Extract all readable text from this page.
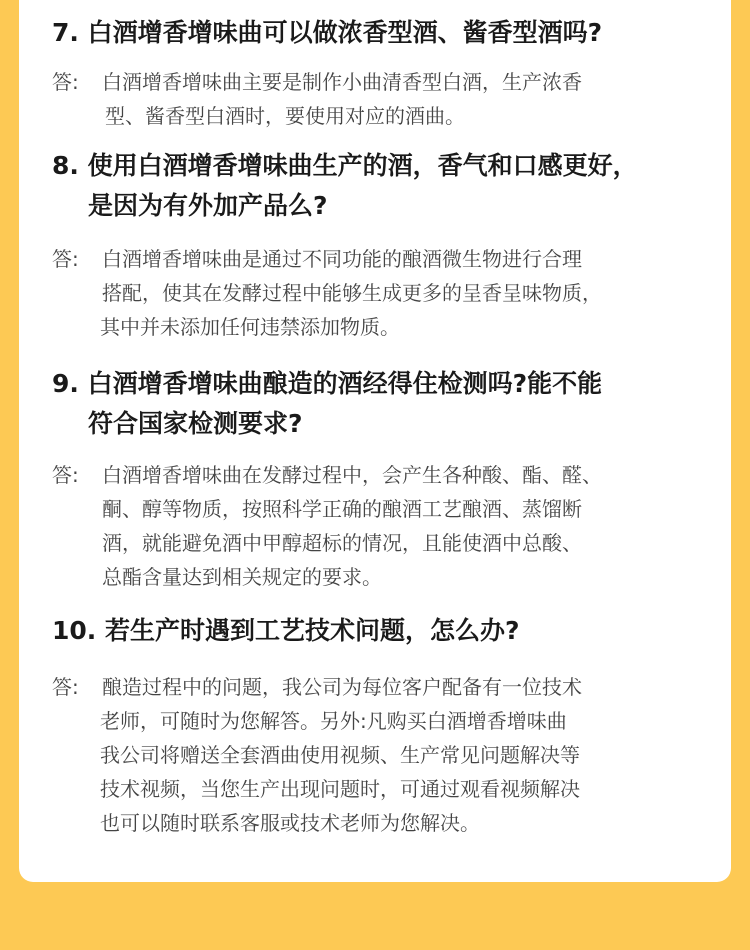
7. 白酒增香增味曲可以做浓香型酒、酱香型酒吗?

答: 白酒增香增味曲主要是制作小曲清香型白酒，生产浓香
型、酱香型白酒时，要使用对应的酒曲。

8. 使用白酒增香增味曲生产的酒，香气和口感更好，
是因为有外加产品么?

答: 白酒增香增味曲是通过不同功能的酿酒微生物进行合理
搭配，使其在发酵过程中能够生成更多的呈香呈味物质，
其中并未添加任何违禁添加物质。

9. 白酒增香增味曲酿造的酒经得住检测吗?能不能
符合国家检测要求?

答: 白酒增香增味曲在发酵过程中，会产生各种酸、酯、醛、
酮、醇等物质，按照科学正确的酿酒工艺酿酒、蒸馏断
酒，就能避免酒中甲醇超标的情况，且能使酒中总酸、
总酯含量达到相关规定的要求。

10. 若生产时遇到工艺技术问题，怎么办?

答: 酿造过程中的问题，我公司为每位客户配备有一位技术
老师，可随时为您解答。另外:凡购买白酒增香增味曲
我公司将赠送全套酒曲使用视频、生产常见问题解决等
技术视频，当您生产出现问题时，可通过观看视频解决
也可以随时联系客服或技术老师为您解决。
